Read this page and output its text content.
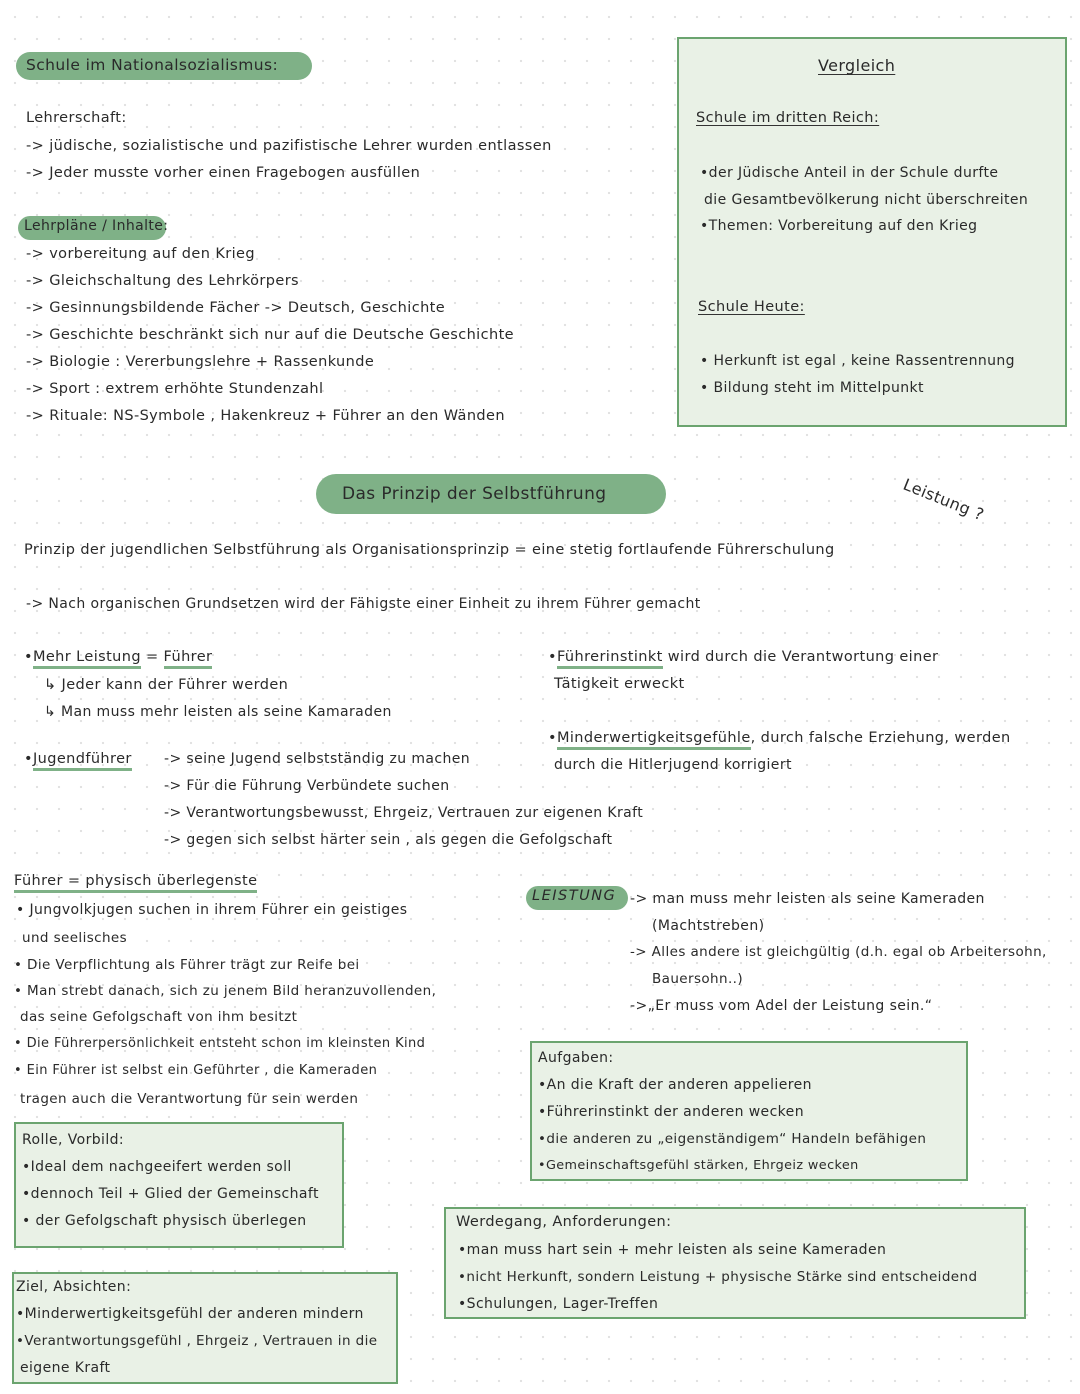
Schule im Nationalsozialismus:
Lehrerschaft:
-> jüdische, sozialistische und pazifistische Lehrer wurden entlassen
-> Jeder musste vorher einen Fragebogen ausfüllen
Lehrpläne / Inhalte:
-> vorbereitung auf den Krieg
-> Gleichschaltung des Lehrkörpers
-> Gesinnungsbildende Fächer -> Deutsch, Geschichte
-> Geschichte beschränkt sich nur auf die Deutsche Geschichte
-> Biologie : Vererbungslehre + Rassenkunde
-> Sport : extrem erhöhte Stundenzahl
-> Rituale: NS-Symbole , Hakenkreuz + Führer an den Wänden
Vergleich
Schule im dritten Reich:
•der Jüdische Anteil in der Schule durfte
die Gesamtbevölkerung nicht überschreiten
•Themen: Vorbereitung auf den Krieg
Schule Heute:
• Herkunft ist egal , keine Rassentrennung
• Bildung steht im Mittelpunkt
Leistung ?
Das Prinzip der Selbstführung
Prinzip der jugendlichen Selbstführung als Organisationsprinzip = eine stetig fortlaufende Führerschulung
-> Nach organischen Grundsetzen wird der Fähigste einer Einheit zu ihrem Führer gemacht
•Mehr Leistung = Führer
↳ Jeder kann der Führer werden
↳ Man muss mehr leisten als seine Kamaraden
•Führerinstinkt wird durch die Verantwortung einer
Tätigkeit erweckt
•Minderwertigkeitsgefühle, durch falsche Erziehung, werden
durch die Hitlerjugend korrigiert
•Jugendführer -> seine Jugend selbstständig zu machen
-> Für die Führung Verbündete suchen
-> Verantwortungsbewusst, Ehrgeiz, Vertrauen zur eigenen Kraft
-> gegen sich selbst härter sein , als gegen die Gefolgschaft
Führer = physisch überlegenste
• Jungvolkjugen suchen in ihrem Führer ein geistiges
und seelisches
• Die Verpflichtung als Führer trägt zur Reife bei
• Man strebt danach, sich zu jenem Bild heranzuvollenden,
das seine Gefolgschaft von ihm besitzt
• Die Führerpersönlichkeit entsteht schon im kleinsten Kind
• Ein Führer ist selbst ein Geführter , die Kameraden
tragen auch die Verantwortung für sein werden
LEISTUNG -> man muss mehr leisten als seine Kameraden
(Machtstreben)
-> Alles andere ist gleichgültig (d.h. egal ob Arbeitersohn,
Bauersohn..)
->„Er muss vom Adel der Leistung sein.“
Aufgaben:
•An die Kraft der anderen appelieren
•Führerinstinkt der anderen wecken
•die anderen zu „eigenständigem“ Handeln befähigen
•Gemeinschaftsgefühl stärken, Ehrgeiz wecken
Rolle, Vorbild:
•Ideal dem nachgeeifert werden soll
•dennoch Teil + Glied der Gemeinschaft
• der Gefolgschaft physisch überlegen	Werdegang, Anforderungen:
•man muss hart sein + mehr leisten als seine Kameraden
•nicht Herkunft, sondern Leistung + physische Stärke sind entscheidend
•Schulungen, Lager-Treffen
Ziel, Absichten:
•Minderwertigkeitsgefühl der anderen mindern
•Verantwortungsgefühl , Ehrgeiz , Vertrauen in die
eigene Kraft
